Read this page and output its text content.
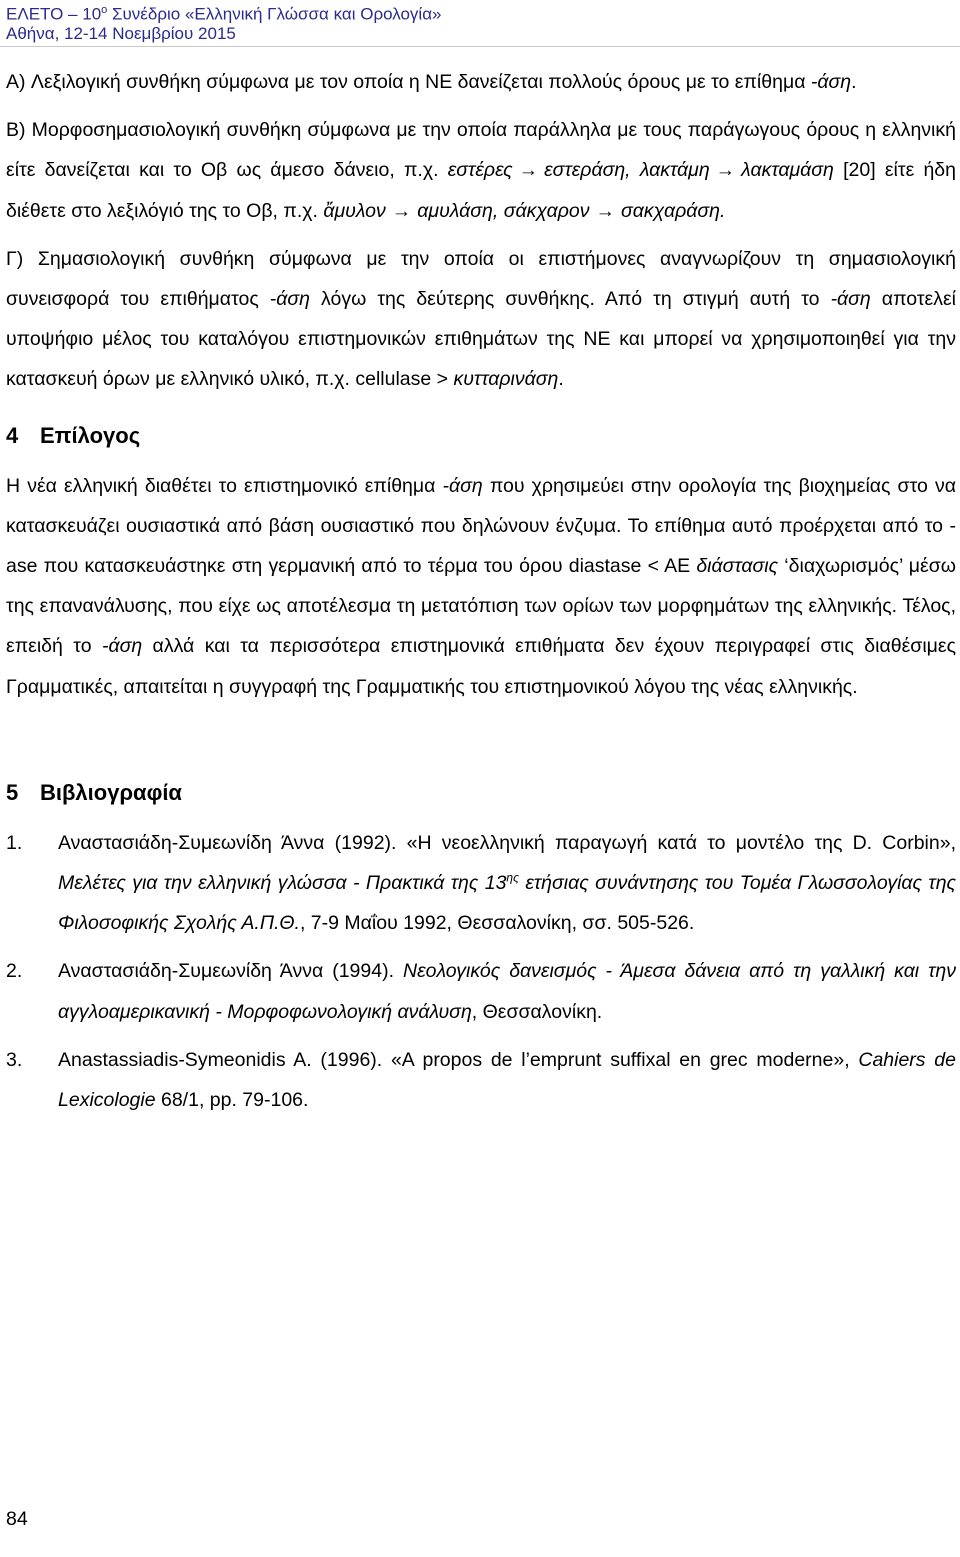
ΕΛΕΤΟ – $10^o$ Συνέδριο «Ελληνική Γλώσσα και Ορολογία»
Αθήνα, 12-14 Νοεμβρίου 2015

A) Λεξιλογική συνθήκη σύμφωνα με τον οποία η ΝΕ δανείζεται πολλούς όρους με το επίθημα -άση.

B) Μορφοσημασιολογική συνθήκη σύμφωνα με την οποία παράλληλα με τους παράγωγους όρους η ελληνική είτε δανείζεται και το Οβ ως άμεσο δάνειο, π.χ. εστέρες → εστεράση, λακτάμη → λακταμάση [20] είτε ήδη διέθετε στο λεξιλόγιό της το Οβ, π.χ. ἄμυλον → αμυλάση, σάκχαρον → σακχαράση.

Γ) Σημασιολογική συνθήκη σύμφωνα με την οποία οι επιστήμονες αναγνωρίζουν τη σημασιολογική συνεισφορά του επιθήματος -άση λόγω της δεύτερης συνθήκης. Από τη στιγμή αυτή το -άση αποτελεί υποψήφιο μέλος του καταλόγου επιστημονικών επιθημάτων της ΝΕ και μπορεί να χρησιμοποιηθεί για την κατασκευή όρων με ελληνικό υλικό, π.χ. cellulase > κυτταρινάση.

4 Επίλογος

Η νέα ελληνική διαθέτει το επιστημονικό επίθημα -άση που χρησιμεύει στην ορολογία της βιοχημείας στο να κατασκευάζει ουσιαστικά από βάση ουσιαστικό που δηλώνουν ένζυμα. Το επίθημα αυτό προέρχεται από το -ase που κατασκευάστηκε στη γερμανική από το τέρμα του όρου diastase < AE διάστασις ‘διαχωρισμός’ μέσω της επανανάλυσης, που είχε ως αποτέλεσμα τη μετατόπιση των ορίων των μορφημάτων της ελληνικής. Τέλος, επειδή το -άση αλλά και τα περισσότερα επιστημονικά επιθήματα δεν έχουν περιγραφεί στις διαθέσιμες Γραμματικές, απαιτείται η συγγραφή της Γραμματικής του επιστημονικού λόγου της νέας ελληνικής.

5 Βιβλιογραφία
1. Αναστασιάδη-Συμεωνίδη Άννα (1992). «Η νεοελληνική παραγωγή κατά το μοντέλο της D. Corbin», Μελέτες για την ελληνική γλώσσα - Πρακτικά της $13^{\eta\varsigma}$ ετήσιας συνάντησης του Τομέα Γλωσσολογίας της Φιλοσοφικής Σχολής Α.Π.Θ., 7-9 Μαΐου 1992, Θεσσαλονίκη, σσ. 505-526.
2. Αναστασιάδη-Συμεωνίδη Άννα (1994). Νεολογικός δανεισμός - Άμεσα δάνεια από τη γαλλική και την αγγλοαμερικανική - Μορφοφωνολογική ανάλυση, Θεσσαλονίκη.
3. Anastassiadis-Symeonidis A. (1996). «A propos de l’emprunt suffixal en grec moderne», Cahiers de Lexicologie 68/1, pp. 79-106.
84
